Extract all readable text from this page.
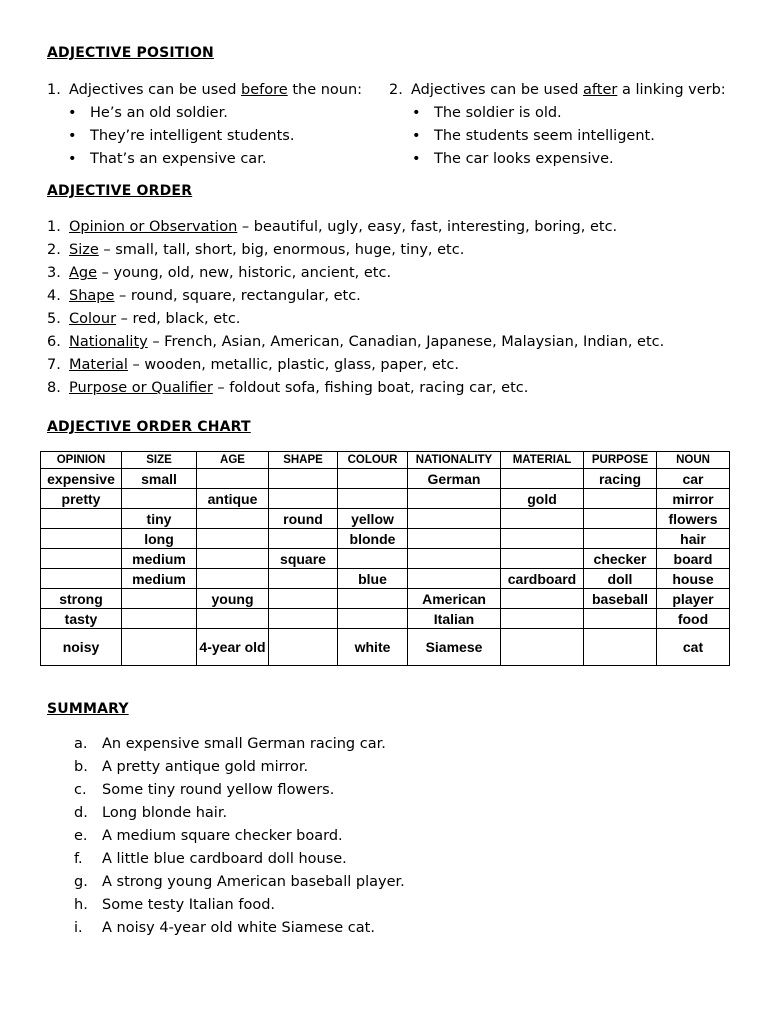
ADJECTIVE POSITION
1. Adjectives can be used before the noun:
• He’s an old soldier.
• They’re intelligent students.
• That’s an expensive car.
2. Adjectives can be used after a linking verb:
• The soldier is old.
• The students seem intelligent.
• The car looks expensive.
ADJECTIVE ORDER
1. Opinion or Observation – beautiful, ugly, easy, fast, interesting, boring, etc.
2. Size – small, tall, short, big, enormous, huge, tiny, etc.
3. Age – young, old, new, historic, ancient, etc.
4. Shape – round, square, rectangular, etc.
5. Colour – red, black, etc.
6. Nationality – French, Asian, American, Canadian, Japanese, Malaysian, Indian, etc.
7. Material – wooden, metallic, plastic, glass, paper, etc.
8. Purpose or Qualifier – foldout sofa, fishing boat, racing car, etc.
ADJECTIVE ORDER CHART
OPINION	SIZE	AGE	SHAPE	COLOUR	NATIONALITY	MATERIAL	PURPOSE	NOUN
expensive	small				German		racing	car
pretty		antique				gold		mirror
	tiny		round	yellow				flowers
	long			blonde				hair
	medium		square				checker	board
	medium			blue		cardboard	doll	house
strong		young			American		baseball	player
tasty					Italian			food
noisy		4-year old		white	Siamese			cat
SUMMARY
a. An expensive small German racing car.
b. A pretty antique gold mirror.
c. Some tiny round yellow flowers.
d. Long blonde hair.
e. A medium square checker board.
f. A little blue cardboard doll house.
g. A strong young American baseball player.
h. Some testy Italian food.
i. A noisy 4-year old white Siamese cat.
